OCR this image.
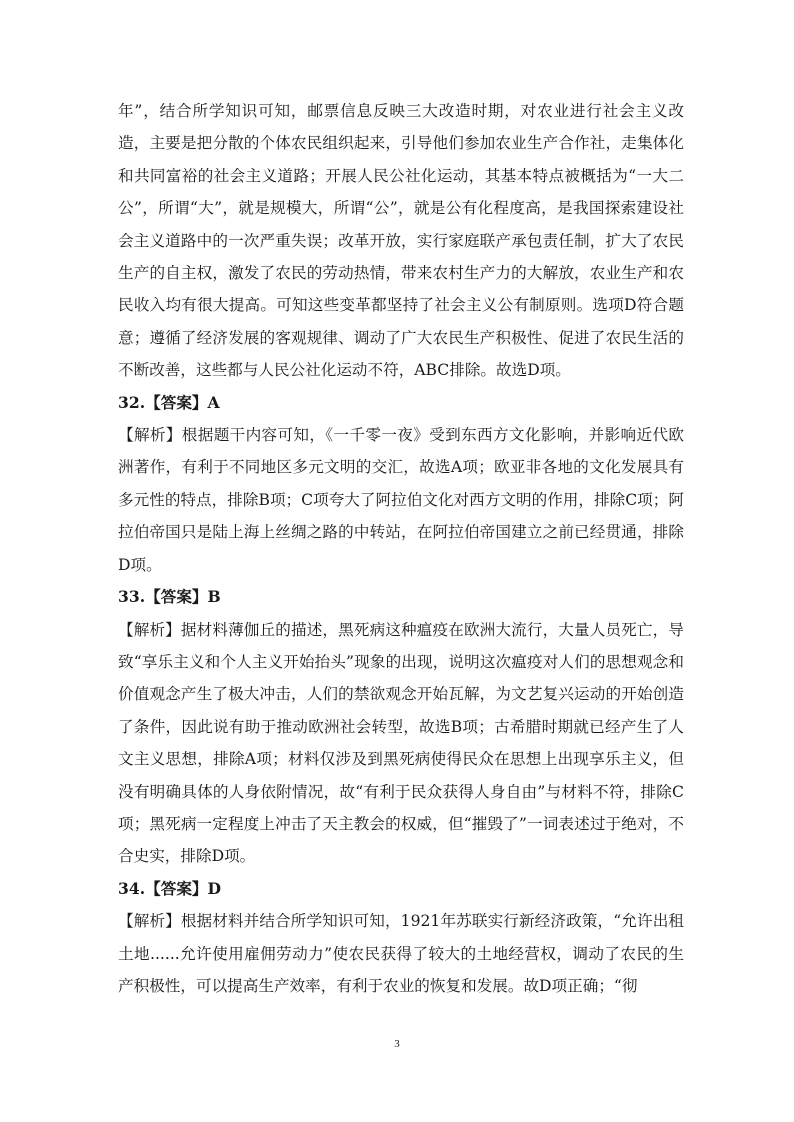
年”，结合所学知识可知，邮票信息反映三大改造时期，对农业进行社会主义改造，主要是把分散的个体农民组织起来，引导他们参加农业生产合作社，走集体化和共同富裕的社会主义道路；开展人民公社化运动，其基本特点被概括为“一大二公”，所谓“大”，就是规模大，所谓“公”，就是公有化程度高，是我国探索建设社会主义道路中的一次严重失误；改革开放，实行家庭联产承包责任制，扩大了农民生产的自主权，激发了农民的劳动热情，带来农村生产力的大解放，农业生产和农民收入均有很大提高。可知这些变革都坚持了社会主义公有制原则。选项D符合题意；遵循了经济发展的客观规律、调动了广大农民生产积极性、促进了农民生活的不断改善，这些都与人民公社化运动不符，ABC排除。故选D项。

32.【答案】A

【解析】根据题干内容可知，《一千零一夜》受到东西方文化影响，并影响近代欧洲著作，有利于不同地区多元文明的交汇，故选A项；欧亚非各地的文化发展具有多元性的特点，排除B项；C项夸大了阿拉伯文化对西方文明的作用，排除C项；阿拉伯帝国只是陆上海上丝绸之路的中转站，在阿拉伯帝国建立之前已经贯通，排除D项。

33.【答案】B

【解析】据材料薄伽丘的描述，黑死病这种瘟疫在欧洲大流行，大量人员死亡，导致“享乐主义和个人主义开始抬头”现象的出现，说明这次瘟疫对人们的思想观念和价值观念产生了极大冲击，人们的禁欲观念开始瓦解，为文艺复兴运动的开始创造了条件，因此说有助于推动欧洲社会转型，故选B项；古希腊时期就已经产生了人文主义思想，排除A项；材料仅涉及到黑死病使得民众在思想上出现享乐主义，但没有明确具体的人身依附情况，故“有利于民众获得人身自由”与材料不符，排除C项；黑死病一定程度上冲击了天主教会的权威，但“摧毁了”一词表述过于绝对，不合史实，排除D项。

34.【答案】D

【解析】根据材料并结合所学知识可知，1921年苏联实行新经济政策，“允许出租土地......允许使用雇佣劳动力”使农民获得了较大的土地经营权，调动了农民的生产积极性，可以提高生产效率，有利于农业的恢复和发展。故D项正确；“彻

3
